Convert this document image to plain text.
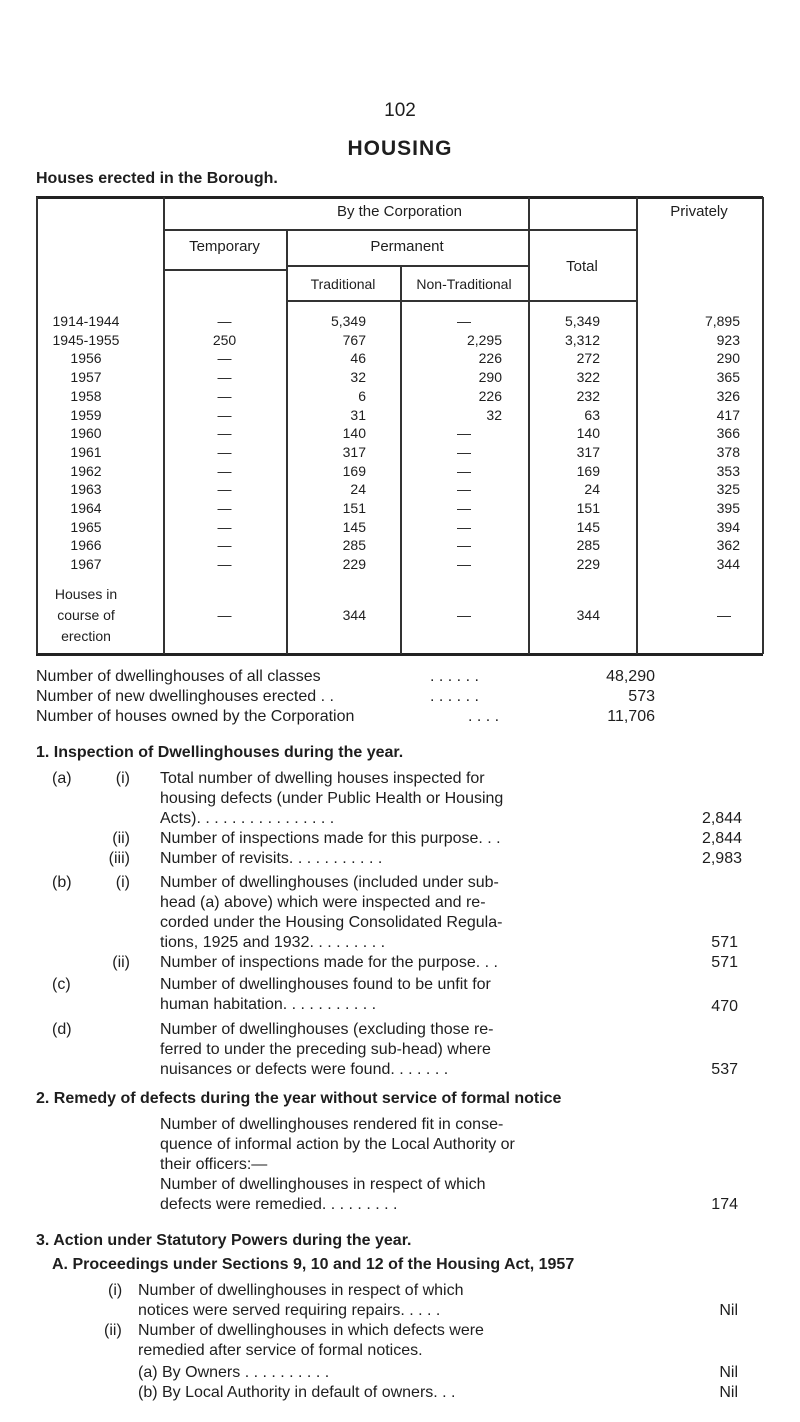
102
HOUSING
Houses erected in the Borough.
By the Corporation	Privately
Temporary	Permanent
Total
Traditional	Non-Traditional
1914-1944	—	5,349	—	5,349	7,895
1945-1955	250	767	2,295	3,312	923
1956	—	46	226	272	290
1957	—	32	290	322	365
1958	—	6	226	232	326
1959	—	31	32	63	417
1960	—	140	—	140	366
1961	—	317	—	317	378
1962	—	169	—	169	353
1963	—	24	—	24	325
1964	—	151	—	151	395
1965	—	145	—	145	394
1966	—	285	—	285	362
1967	—	229	—	229	344
Houses in
course of
erection
—	344	—	344	—
Number of dwellinghouses of all classes	. . . . . .	48,290
Number of new dwellinghouses erected . .	. . . . . .	573
Number of houses owned by the Corporation	. . . .	11,706
1. Inspection of Dwellinghouses during the year.
(a)	(i) Total number of dwelling houses inspected for
housing defects (under Public Health or Housing
Acts). . . . . . . . . . . . . . . .	2,844
(ii) Number of inspections made for this purpose. . .	2,844
(iii) Number of revisits. . . . . . . . . . .	2,983
(b)	(i) Number of dwellinghouses (included under sub-
head (a) above) which were inspected and re-
corded under the Housing Consolidated Regula-
tions, 1925 and 1932. . . . . . . . .	571
(ii) Number of inspections made for the purpose. . .	571
(c)	Number of dwellinghouses found to be unfit for
human habitation. . . . . . . . . . .	470
(d)	Number of dwellinghouses (excluding those re-
ferred to under the preceding sub-head) where
nuisances or defects were found. . . . . . .	537
2. Remedy of defects during the year without service of formal notice
Number of dwellinghouses rendered fit in conse-
quence of informal action by the Local Authority or
their officers:—
Number of dwellinghouses in respect of which
defects were remedied. . . . . . . . .	174
3. Action under Statutory Powers during the year.
A. Proceedings under Sections 9, 10 and 12 of the Housing Act, 1957
(i) Number of dwellinghouses in respect of which
notices were served requiring repairs. . . . .	Nil
(ii) Number of dwellinghouses in which defects were
remedied after service of formal notices.
(a) By Owners . . . . . . . . . .	Nil
(b) By Local Authority in default of owners. . .	Nil
